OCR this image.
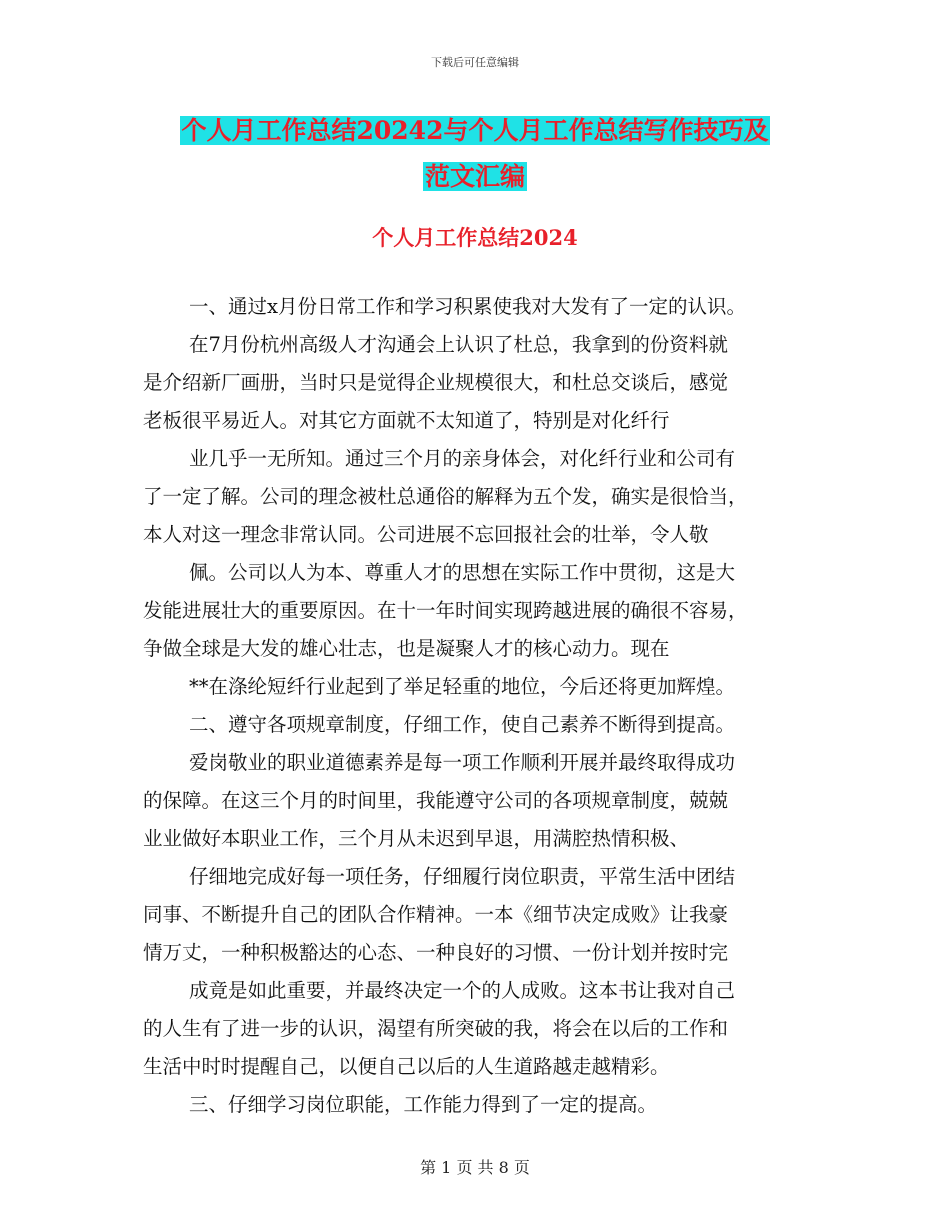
下载后可任意编辑
个人月工作总结20242与个人月工作总结写作技巧及
范文汇编
个人月工作总结2024

一、通过x月份日常工作和学习积累使我对大发有了一定的认识。

在7月份杭州高级人才沟通会上认识了杜总，我拿到的份资料就

是介绍新厂画册，当时只是觉得企业规模很大，和杜总交谈后，感觉

老板很平易近人。对其它方面就不太知道了，特别是对化纤行

业几乎一无所知。通过三个月的亲身体会，对化纤行业和公司有

了一定了解。公司的理念被杜总通俗的解释为五个发，确实是很恰当，

本人对这一理念非常认同。公司进展不忘回报社会的壮举，令人敬

佩。公司以人为本、尊重人才的思想在实际工作中贯彻，这是大

发能进展壮大的重要原因。在十一年时间实现跨越进展的确很不容易，

争做全球是大发的雄心壮志，也是凝聚人才的核心动力。现在

**在涤纶短纤行业起到了举足轻重的地位，今后还将更加辉煌。

二、遵守各项规章制度，仔细工作，使自己素养不断得到提高。

爱岗敬业的职业道德素养是每一项工作顺利开展并最终取得成功

的保障。在这三个月的时间里，我能遵守公司的各项规章制度，兢兢

业业做好本职业工作，三个月从未迟到早退，用满腔热情积极、

仔细地完成好每一项任务，仔细履行岗位职责，平常生活中团结

同事、不断提升自己的团队合作精神。一本《细节决定成败》让我豪

情万丈，一种积极豁达的心态、一种良好的习惯、一份计划并按时完

成竟是如此重要，并最终决定一个的人成败。这本书让我对自己

的人生有了进一步的认识，渴望有所突破的我，将会在以后的工作和

生活中时时提醒自己，以便自己以后的人生道路越走越精彩。

三、仔细学习岗位职能，工作能力得到了一定的提高。

第 1 页 共 8 页
